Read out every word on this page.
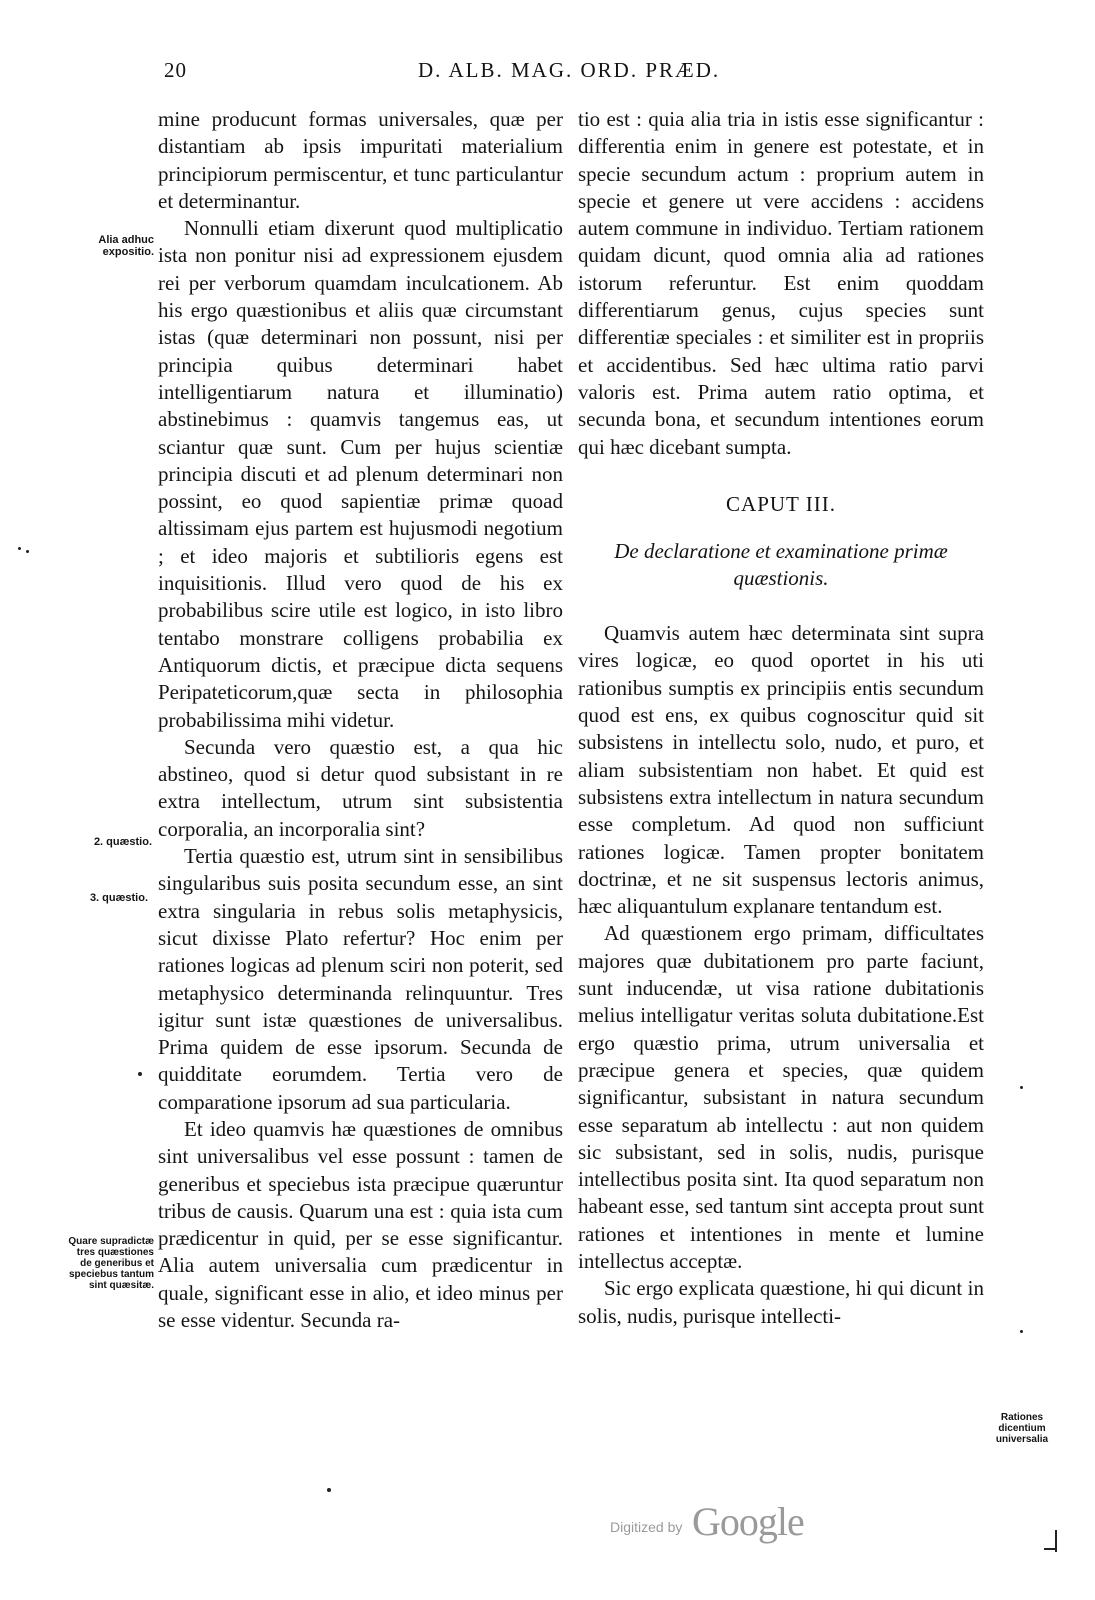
20	D. ALB. MAG. ORD. PRÆD.

mine producunt formas universales, quæ per distantiam ab ipsis impuritati materialium principiorum permiscentur, et tunc particulantur et determinantur.

Nonnulli etiam dixerunt quod multiplicatio ista non ponitur nisi ad expressionem ejusdem rei per verborum quamdam inculcationem. Ab his ergo quæstionibus et aliis quæ circumstant istas (quæ determinari non possunt, nisi per principia quibus determinari habet intelligentiarum natura et illuminatio) abstinebimus : quamvis tangemus eas, ut sciantur quæ sunt. Cum per hujus scientiæ principia discuti et ad plenum determinari non possint, eo quod sapientiæ primæ quoad altissimam ejus partem est hujusmodi negotium ; et ideo majoris et subtilioris egens est inquisitionis. Illud vero quod de his ex probabilibus scire utile est logico, in isto libro tentabo monstrare colligens probabilia ex Antiquorum dictis, et præcipue dicta sequens Peripateticorum,quæ secta in philosophia probabilissima mihi videtur.

Secunda vero quæstio est, a qua hic abstineo, quod si detur quod subsistant in re extra intellectum, utrum sint subsistentia corporalia, an incorporalia sint?

Tertia quæstio est, utrum sint in sensibilibus singularibus suis posita secundum esse, an sint extra singularia in rebus solis metaphysicis, sicut dixisse Plato refertur? Hoc enim per rationes logicas ad plenum sciri non poterit, sed metaphysico determinanda relinquuntur. Tres igitur sunt istæ quæstiones de universalibus. Prima quidem de esse ipsorum. Secunda de quidditate eorumdem. Tertia vero de comparatione ipsorum ad sua particularia.

Et ideo quamvis hæ quæstiones de omnibus sint universalibus vel esse possunt : tamen de generibus et speciebus ista præcipue quæruntur tribus de causis. Quarum una est : quia ista cum prædicentur in quid, per se esse significantur. Alia autem universalia cum prædicentur in quale, significant esse in alio, et ideo minus per se esse videntur. Secunda ra-

tio est : quia alia tria in istis esse significantur : differentia enim in genere est potestate, et in specie secundum actum : proprium autem in specie et genere ut vere accidens : accidens autem commune in individuo. Tertiam rationem quidam dicunt, quod omnia alia ad rationes istorum referuntur. Est enim quoddam differentiarum genus, cujus species sunt differentiæ speciales : et similiter est in propriis et accidentibus. Sed hæc ultima ratio parvi valoris est. Prima autem ratio optima, et secunda bona, et secundum intentiones eorum qui hæc dicebant sumpta.

CAPUT III.
De declaratione et examinatione primæ quæstionis.

Quamvis autem hæc determinata sint supra vires logicæ, eo quod oportet in his uti rationibus sumptis ex principiis entis secundum quod est ens, ex quibus cognoscitur quid sit subsistens in intellectu solo, nudo, et puro, et aliam subsistentiam non habet. Et quid est subsistens extra intellectum in natura secundum esse completum. Ad quod non sufficiunt rationes logicæ. Tamen propter bonitatem doctrinæ, et ne sit suspensus lectoris animus, hæc aliquantulum explanare tentandum est.

Ad quæstionem ergo primam, difficultates majores quæ dubitationem pro parte faciunt, sunt inducendæ, ut visa ratione dubitationis melius intelligatur veritas soluta dubitatione.Est ergo quæstio prima, utrum universalia et præcipue genera et species, quæ quidem significantur, subsistant in natura secundum esse separatum ab intellectu : aut non quidem sic subsistant, sed in solis, nudis, purisque intellectibus posita sint. Ita quod separatum non habeant esse, sed tantum sint accepta prout sunt rationes et intentiones in mente et lumine intellectus acceptæ.

Sic ergo explicata quæstione, hi qui dicunt in solis, nudis, purisque intellecti-

Alia adhuc expositio.
2. quæstio.
3. quæstio.
Quare supradictæ tres quæstiones de generibus et speciebus tantum sint quæsitæ.
Rationes dicentium universalia
Digitized by Google
